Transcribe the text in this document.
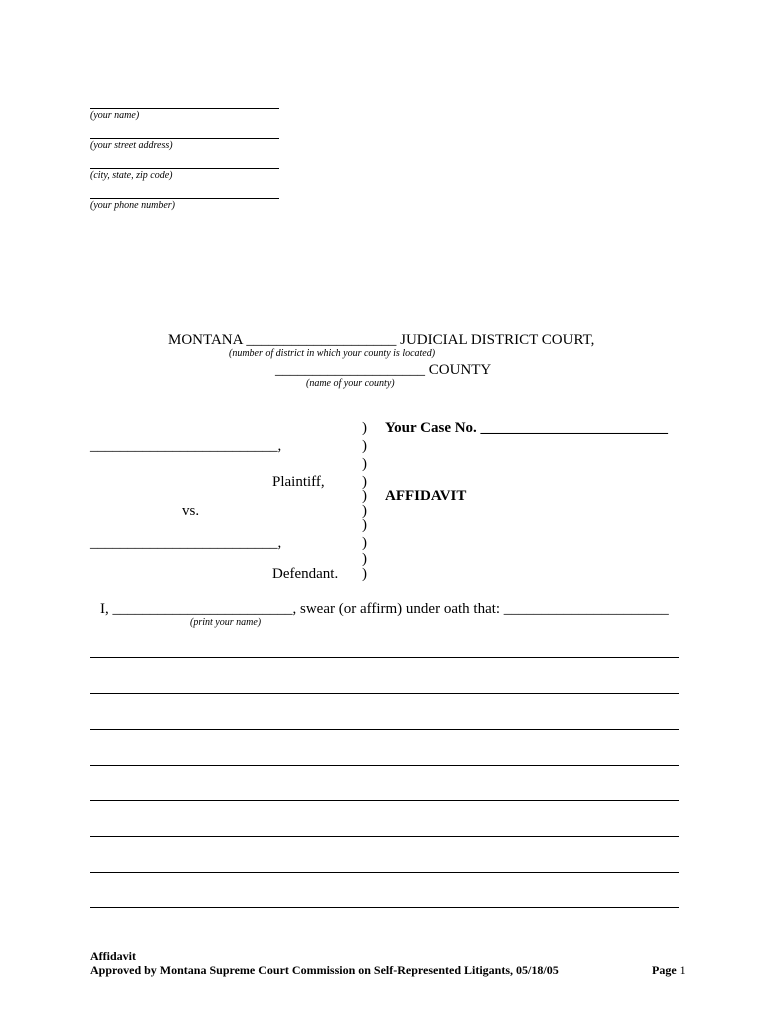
(your name)
(your street address)
(city, state, zip code)
(your phone number)
MONTANA ____________________ JUDICIAL DISTRICT COURT,
(number of district in which your county is located)
____________________ COUNTY
(name of your county)
)
)
)
)
)
)
)
)
)
)
Your Case No. _________________________
_________________________,
Plaintiff,
AFFIDAVIT
vs.
_________________________,
Defendant.
I, ________________________, swear (or affirm) under oath that: ______________________
(print your name)
Affidavit

Page 1

Approved by Montana Supreme Court Commission on Self-Represented Litigants, 05/18/05
